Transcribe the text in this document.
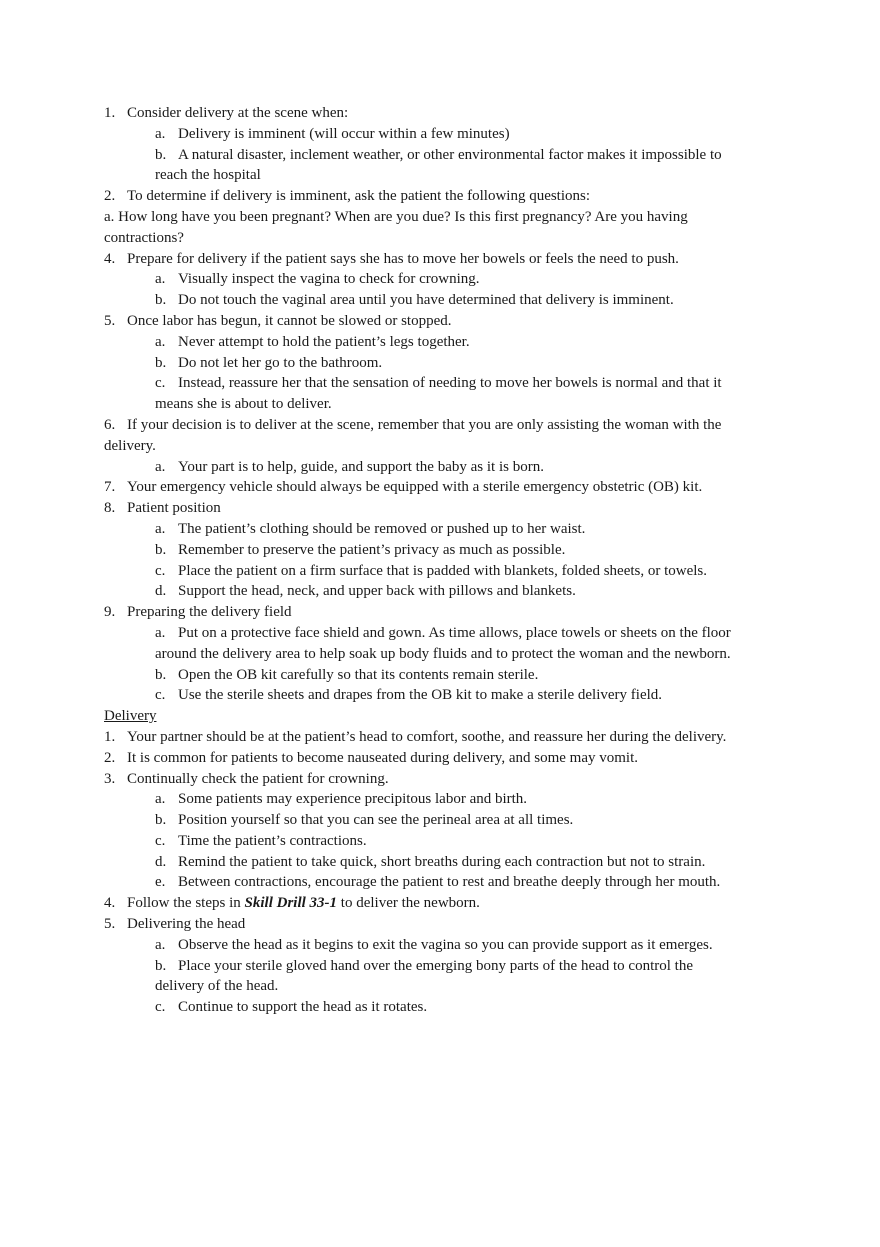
1. Consider delivery at the scene when:
a. Delivery is imminent (will occur within a few minutes)
b. A natural disaster, inclement weather, or other environmental factor makes it impossible to
reach the hospital
2. To determine if delivery is imminent, ask the patient the following questions:
a. How long have you been pregnant? When are you due? Is this first pregnancy? Are you having
contractions?
4. Prepare for delivery if the patient says she has to move her bowels or feels the need to push.
a. Visually inspect the vagina to check for crowning.
b. Do not touch the vaginal area until you have determined that delivery is imminent.
5. Once labor has begun, it cannot be slowed or stopped.
a. Never attempt to hold the patient’s legs together.
b. Do not let her go to the bathroom.
c. Instead, reassure her that the sensation of needing to move her bowels is normal and that it
means she is about to deliver.
6. If your decision is to deliver at the scene, remember that you are only assisting the woman with the
delivery.
a. Your part is to help, guide, and support the baby as it is born.
7. Your emergency vehicle should always be equipped with a sterile emergency obstetric (OB) kit.
8. Patient position
a. The patient’s clothing should be removed or pushed up to her waist.
b. Remember to preserve the patient’s privacy as much as possible.
c. Place the patient on a firm surface that is padded with blankets, folded sheets, or towels.
d. Support the head, neck, and upper back with pillows and blankets.
9. Preparing the delivery field
a. Put on a protective face shield and gown. As time allows, place towels or sheets on the floor
around the delivery area to help soak up body fluids and to protect the woman and the newborn.
b. Open the OB kit carefully so that its contents remain sterile.
c. Use the sterile sheets and drapes from the OB kit to make a sterile delivery field.
Delivery
1. Your partner should be at the patient’s head to comfort, soothe, and reassure her during the delivery.
2. It is common for patients to become nauseated during delivery, and some may vomit.
3. Continually check the patient for crowning.
a. Some patients may experience precipitous labor and birth.
b. Position yourself so that you can see the perineal area at all times.
c. Time the patient’s contractions.
d. Remind the patient to take quick, short breaths during each contraction but not to strain.
e. Between contractions, encourage the patient to rest and breathe deeply through her mouth.
4. Follow the steps in Skill Drill 33-1 to deliver the newborn.
5. Delivering the head
a. Observe the head as it begins to exit the vagina so you can provide support as it emerges.
b. Place your sterile gloved hand over the emerging bony parts of the head to control the
delivery of the head.
c. Continue to support the head as it rotates.
